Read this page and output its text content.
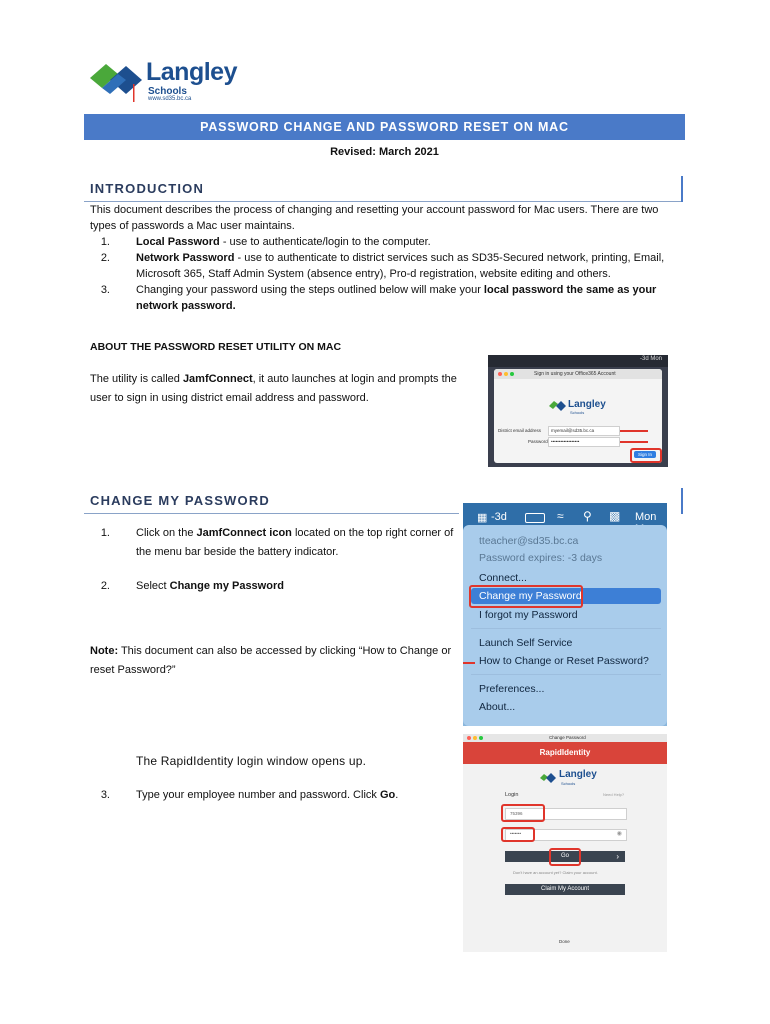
Langley
Schools
www.sd35.bc.ca
PASSWORD CHANGE AND PASSWORD RESET ON MAC
Revised: March 2021
INTRODUCTION
This document describes the process of changing and resetting your account password for Mac users. There are two types of passwords a Mac user maintains.
1. Local Password - use to authenticate/login to the computer.
2. Network Password - use to authenticate to district services such as SD35-Secured network, printing, Email, Microsoft 365, Staff Admin System (absence entry), Pro-d registration, website editing and others.
3. Changing your password using the steps outlined below will make your local password the same as your network password.
ABOUT THE PASSWORD RESET UTILITY ON MAC
The utility is called JamfConnect, it auto launches at login and prompts the user to sign in using district email address and password.
-3d Mon
Sign in using your Office365 Account
Langley
Schools
District email address myemail@sd35.bc.ca
Password ••••••••••••••••••
Sign In
CHANGE MY PASSWORD
1. Click on the JamfConnect icon located on the top right corner of the menu bar beside the battery indicator.
2. Select Change my Password
Note: This document can also be accessed by clicking “How to Change or reset Password?”
The RapidIdentity login window opens up.
3. Type your employee number and password. Click Go.
▦ -3d	≈ ⚲ ▩ Mon
tteacher@sd35.bc.ca
Password expires: -3 days
Connect...
Change my Password
I forgot my Password
Launch Self Service
How to Change or Reset Password?
Preferences...
About...
Change Password
RapidIdentity
Langley
Schools
Login	Need Help?
75396
•••••••	◉
Go	›
Don't have an account yet? Claim your account.
Claim My Account
Done
